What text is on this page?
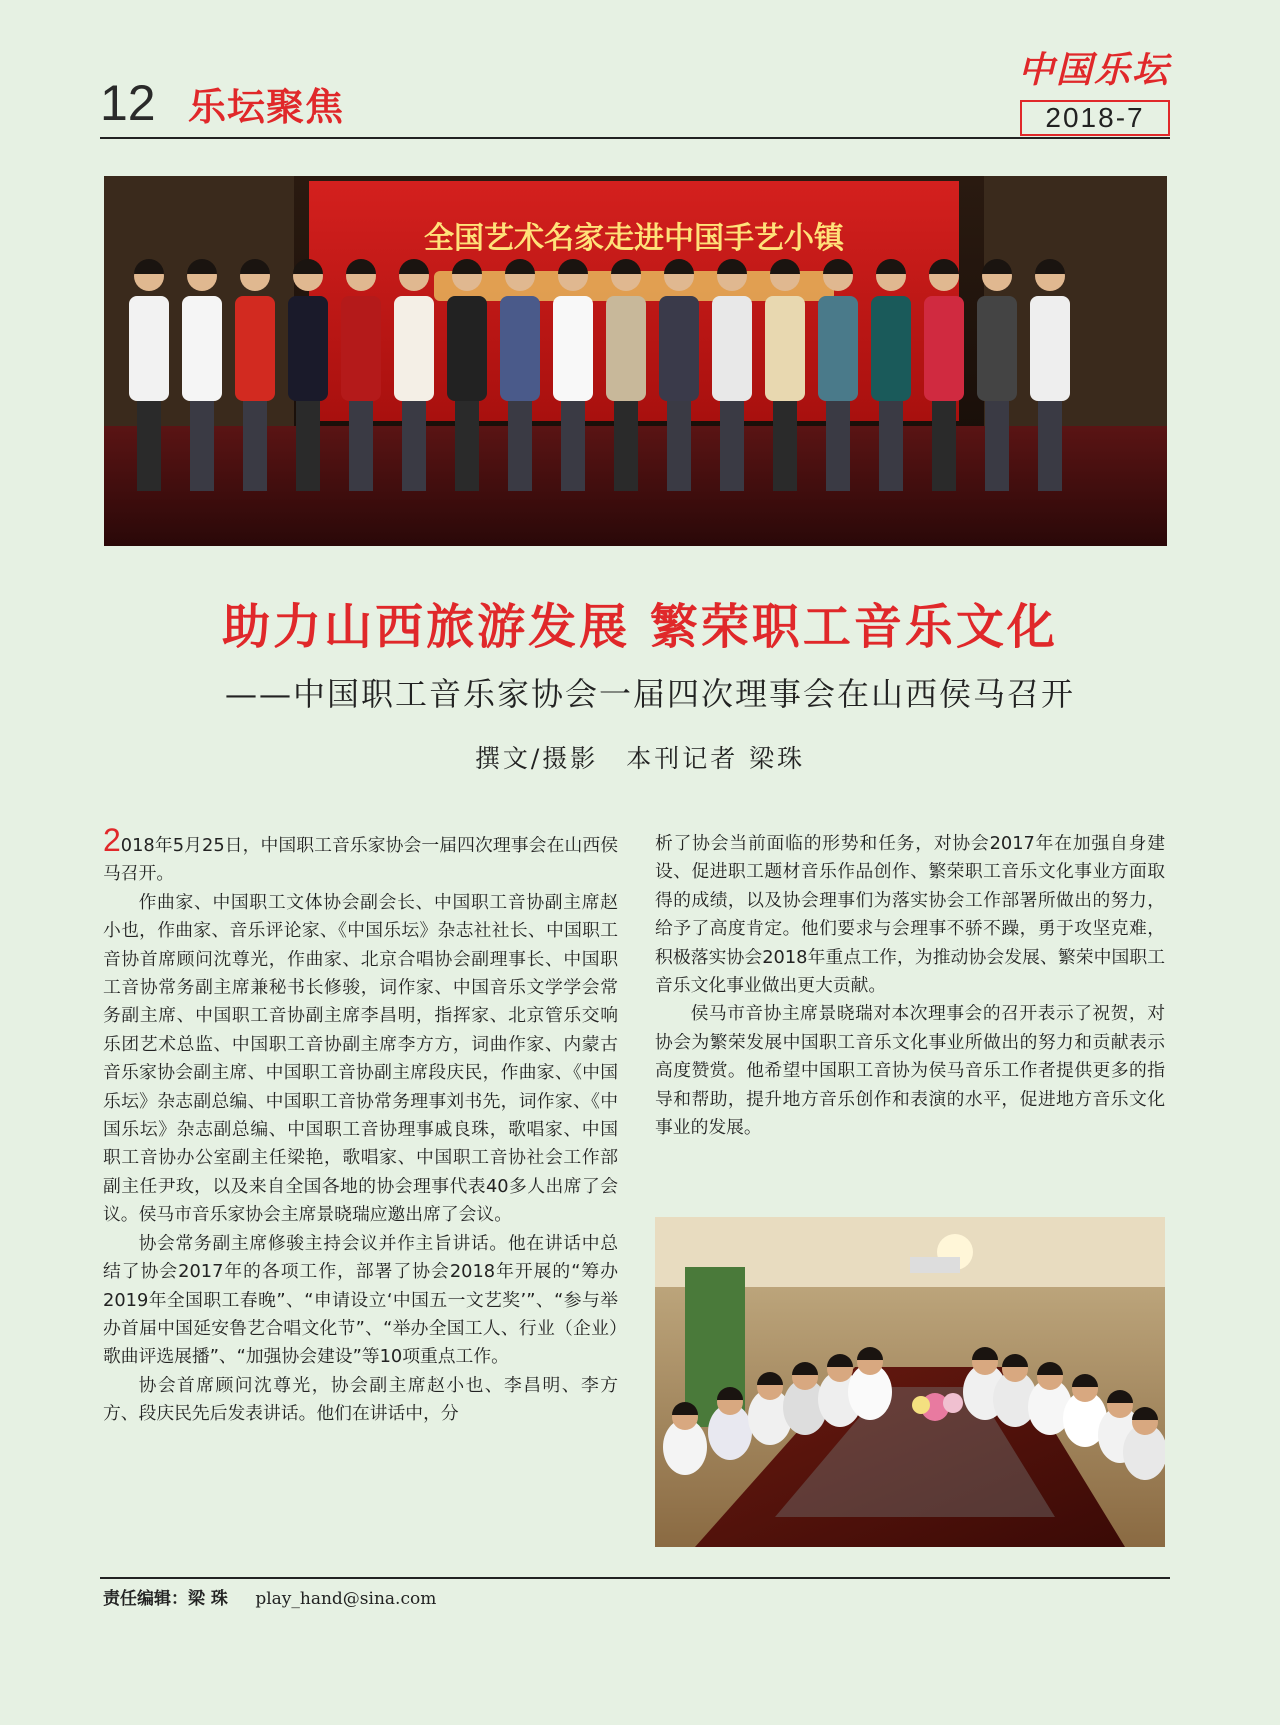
12 乐坛聚焦
中国乐坛
2018-7
全国艺术名家走进中国手艺小镇
助力山西旅游发展 繁荣职工音乐文化
——中国职工音乐家协会一届四次理事会在山西侯马召开
撰文/摄影　本刊记者 梁珠

2018年5月25日，中国职工音乐家协会一届四次理事会在山西侯马召开。

作曲家、中国职工文体协会副会长、中国职工音协副主席赵小也，作曲家、音乐评论家、《中国乐坛》杂志社社长、中国职工音协首席顾问沈尊光，作曲家、北京合唱协会副理事长、中国职工音协常务副主席兼秘书长修骏，词作家、中国音乐文学学会常务副主席、中国职工音协副主席李昌明，指挥家、北京管乐交响乐团艺术总监、中国职工音协副主席李方方，词曲作家、内蒙古音乐家协会副主席、中国职工音协副主席段庆民，作曲家、《中国乐坛》杂志副总编、中国职工音协常务理事刘书先，词作家、《中国乐坛》杂志副总编、中国职工音协理事戚良珠，歌唱家、中国职工音协办公室副主任梁艳，歌唱家、中国职工音协社会工作部副主任尹玫，以及来自全国各地的协会理事代表40多人出席了会议。侯马市音乐家协会主席景晓瑞应邀出席了会议。

协会常务副主席修骏主持会议并作主旨讲话。他在讲话中总结了协会2017年的各项工作，部署了协会2018年开展的“筹办2019年全国职工春晚”、“申请设立‘中国五一文艺奖’”、“参与举办首届中国延安鲁艺合唱文化节”、“举办全国工人、行业（企业）歌曲评选展播”、“加强协会建设”等10项重点工作。

协会首席顾问沈尊光，协会副主席赵小也、李昌明、李方方、段庆民先后发表讲话。他们在讲话中，分

析了协会当前面临的形势和任务，对协会2017年在加强自身建设、促进职工题材音乐作品创作、繁荣职工音乐文化事业方面取得的成绩，以及协会理事们为落实协会工作部署所做出的努力，给予了高度肯定。他们要求与会理事不骄不躁，勇于攻坚克难，积极落实协会2018年重点工作，为推动协会发展、繁荣中国职工音乐文化事业做出更大贡献。

侯马市音协主席景晓瑞对本次理事会的召开表示了祝贺，对协会为繁荣发展中国职工音乐文化事业所做出的努力和贡献表示高度赞赏。他希望中国职工音协为侯马音乐工作者提供更多的指导和帮助，提升地方音乐创作和表演的水平，促进地方音乐文化事业的发展。

责任编辑：梁 珠 play_hand@sina.com
